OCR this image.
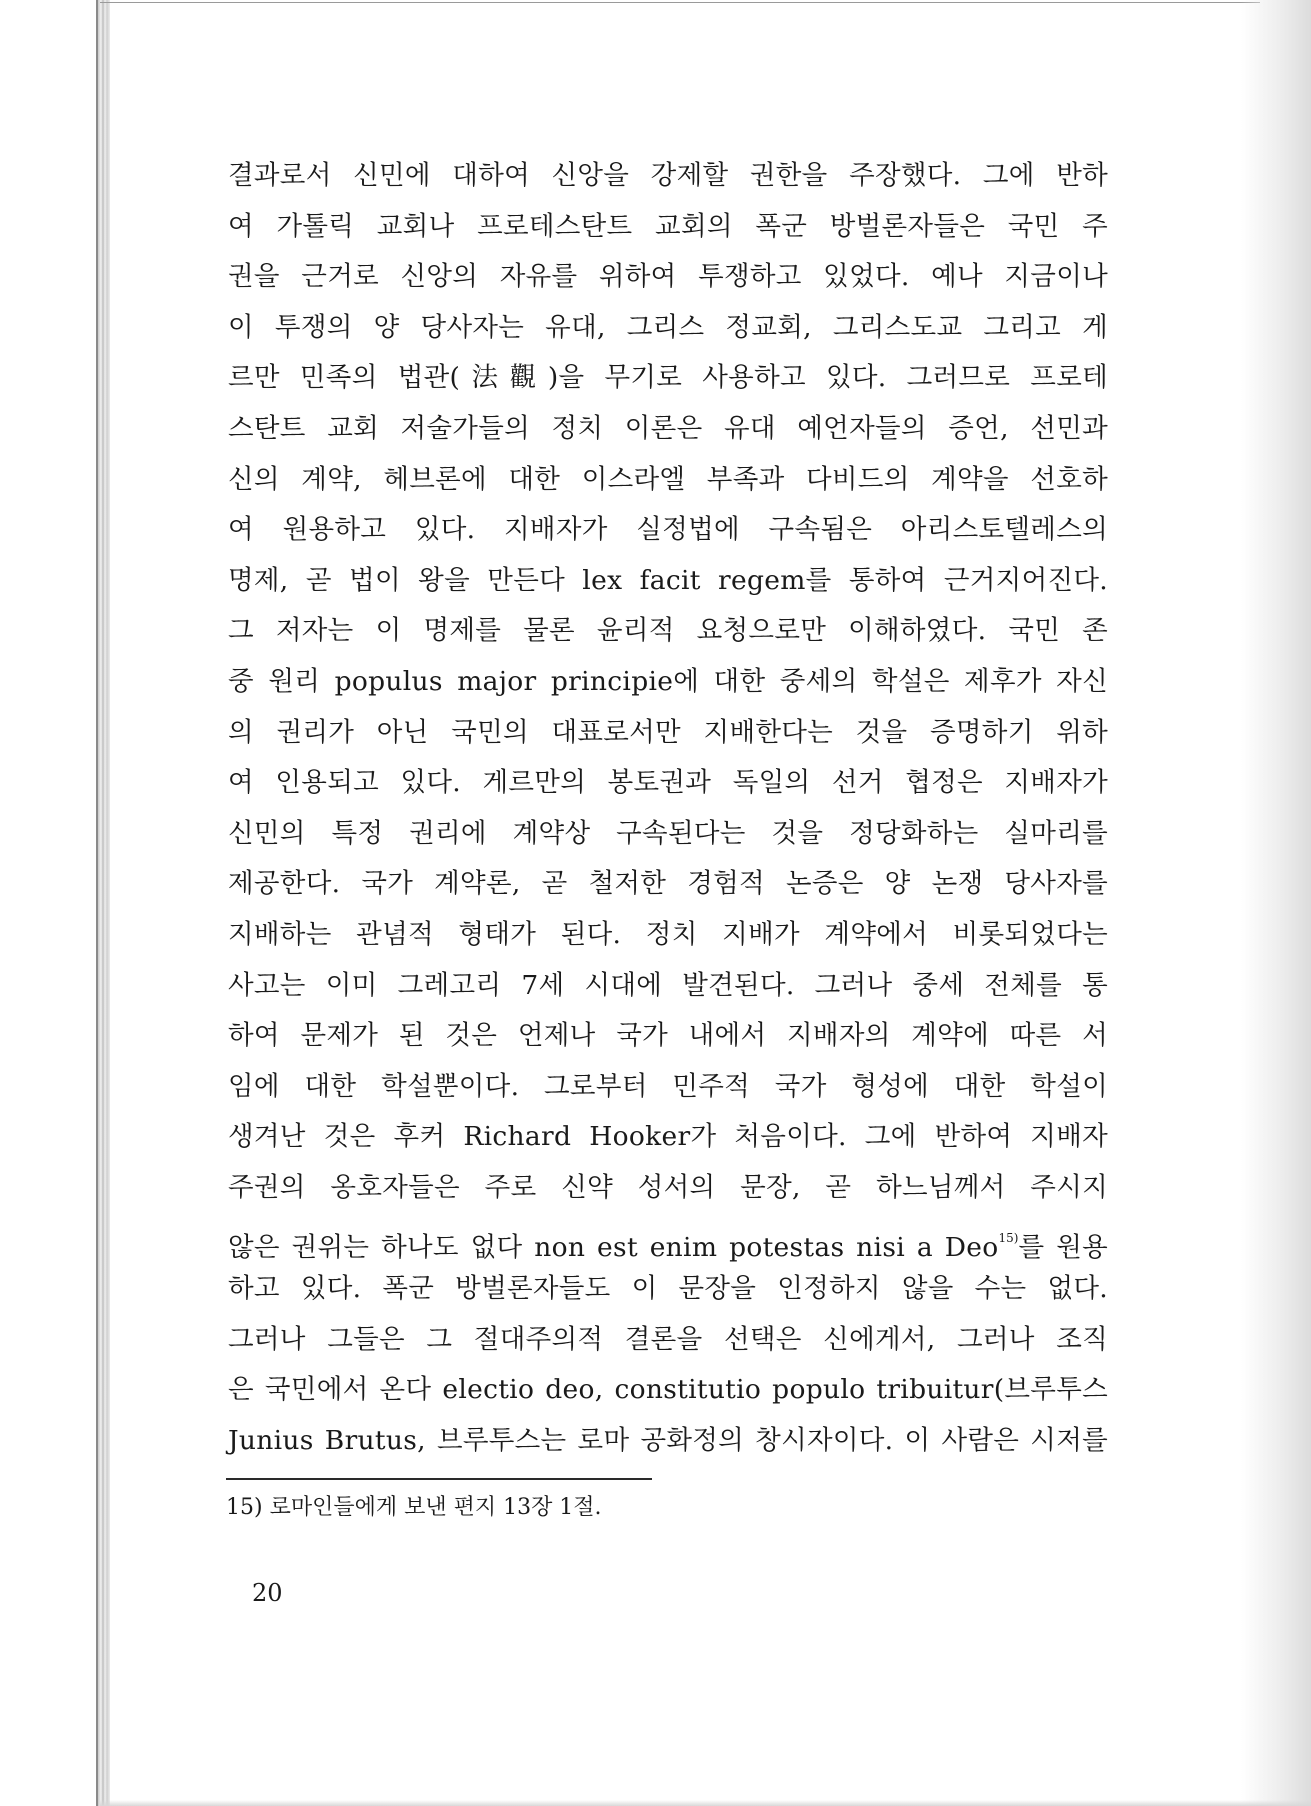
결과로서 신민에 대하여 신앙을 강제할 권한을 주장했다. 그에 반하
여 가톨릭 교회나 프로테스탄트 교회의 폭군 방벌론자들은 국민 주
권을 근거로 신앙의 자유를 위하여 투쟁하고 있었다. 예나 지금이나
이 투쟁의 양 당사자는 유대, 그리스 정교회, 그리스도교 그리고 게
르만 민족의 법관(法觀)을 무기로 사용하고 있다. 그러므로 프로테
스탄트 교회 저술가들의 정치 이론은 유대 예언자들의 증언, 선민과
신의 계약, 헤브론에 대한 이스라엘 부족과 다비드의 계약을 선호하
여 원용하고 있다. 지배자가 실정법에 구속됨은 아리스토텔레스의
명제, 곧 법이 왕을 만든다 lex facit regem를 통하여 근거지어진다.
그 저자는 이 명제를 물론 윤리적 요청으로만 이해하였다. 국민 존
중 원리 populus major principie에 대한 중세의 학설은 제후가 자신
의 권리가 아닌 국민의 대표로서만 지배한다는 것을 증명하기 위하
여 인용되고 있다. 게르만의 봉토권과 독일의 선거 협정은 지배자가
신민의 특정 권리에 계약상 구속된다는 것을 정당화하는 실마리를
제공한다. 국가 계약론, 곧 철저한 경험적 논증은 양 논쟁 당사자를
지배하는 관념적 형태가 된다. 정치 지배가 계약에서 비롯되었다는
사고는 이미 그레고리 7세 시대에 발견된다. 그러나 중세 전체를 통
하여 문제가 된 것은 언제나 국가 내에서 지배자의 계약에 따른 서
임에 대한 학설뿐이다. 그로부터 민주적 국가 형성에 대한 학설이
생겨난 것은 후커 Richard Hooker가 처음이다. 그에 반하여 지배자
주권의 옹호자들은 주로 신약 성서의 문장, 곧 하느님께서 주시지
않은 권위는 하나도 없다 non est enim potestas nisi a Deo$^{15)}$를 원용
하고 있다. 폭군 방벌론자들도 이 문장을 인정하지 않을 수는 없다.
그러나 그들은 그 절대주의적 결론을 선택은 신에게서, 그러나 조직
은 국민에서 온다 electio deo, constitutio populo tribuitur(브루투스
Junius Brutus, 브루투스는 로마 공화정의 창시자이다. 이 사람은 시저를
15) 로마인들에게 보낸 편지 13장 1절.
20
